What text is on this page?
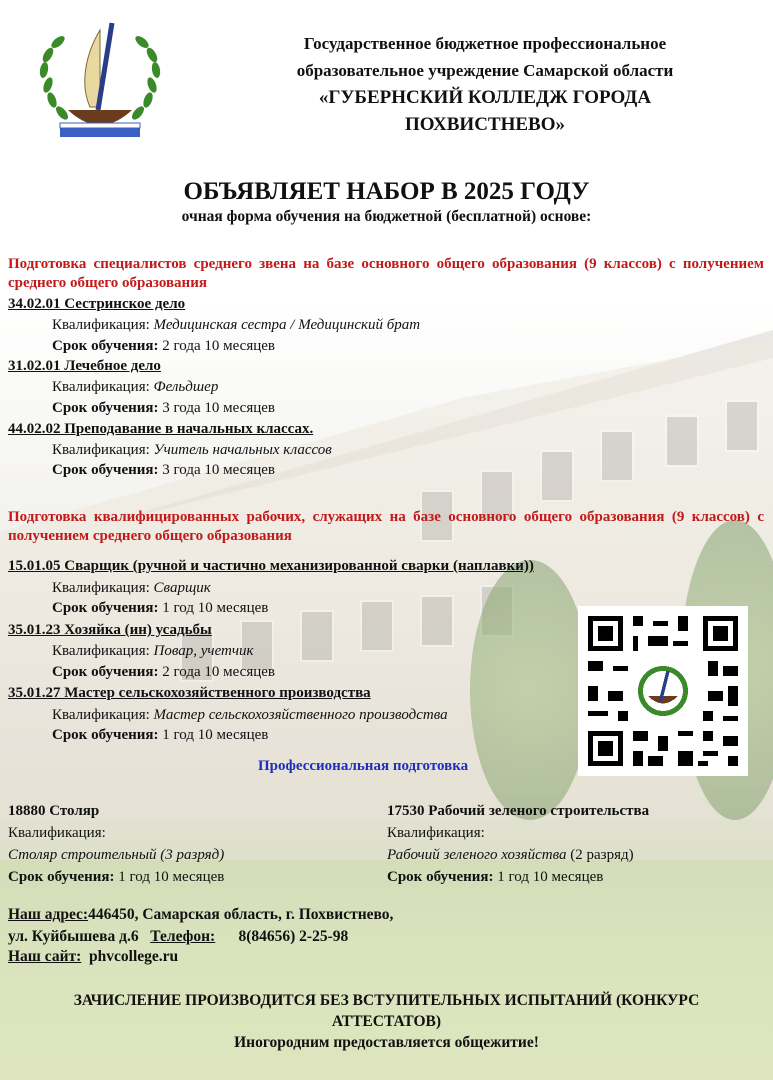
Государственное бюджетное профессиональное
образовательное учреждение Самарской области
«ГУБЕРНСКИЙ КОЛЛЕДЖ ГОРОДА
ПОХВИСТНЕВО»
ОБЪЯВЛЯЕТ НАБОР В 2025 ГОДУ
очная форма обучения на бюджетной (бесплатной) основе:
Подготовка специалистов среднего звена на базе основного общего образования (9 классов) с получением среднего общего образования
34.02.01 Сестринское дело
Квалификация: Медицинская сестра / Медицинский брат
Срок обучения: 2 года 10 месяцев
31.02.01 Лечебное дело
Квалификация: Фельдшер
Срок обучения: 3 года 10 месяцев
44.02.02 Преподавание в начальных классах.
Квалификация: Учитель начальных классов
Срок обучения: 3 года 10 месяцев
Подготовка квалифицированных рабочих, служащих на базе основного общего образования (9 классов) с получением среднего общего образования
15.01.05 Сварщик (ручной и частично механизированной сварки (наплавки))
Квалификация: Сварщик
Срок обучения: 1 год 10 месяцев
35.01.23 Хозяйка (ин) усадьбы
Квалификация: Повар, учетчик
Срок обучения: 2 года 10 месяцев
35.01.27 Мастер сельскохозяйственного производства
Квалификация: Мастер сельскохозяйственного производства
Срок обучения: 1 год 10 месяцев
Профессиональная подготовка
18880 Столяр
Квалификация:
Столяр строительный (3 разряд)
Срок обучения: 1 год 10 месяцев
17530 Рабочий зеленого строительства
Квалификация:
Рабочий зеленого хозяйства (2 разряд)
Срок обучения: 1 год 10 месяцев
Наш адрес:446450, Самарская область, г. Похвистнево,
ул. Куйбышева д.6 Телефон: 8(84656) 2-25-98
Наш сайт: phvcollege.ru
ЗАЧИСЛЕНИЕ ПРОИЗВОДИТСЯ БЕЗ ВСТУПИТЕЛЬНЫХ ИСПЫТАНИЙ (КОНКУРС
АТТЕСТАТОВ)
Иногородним предоставляется общежитие!
